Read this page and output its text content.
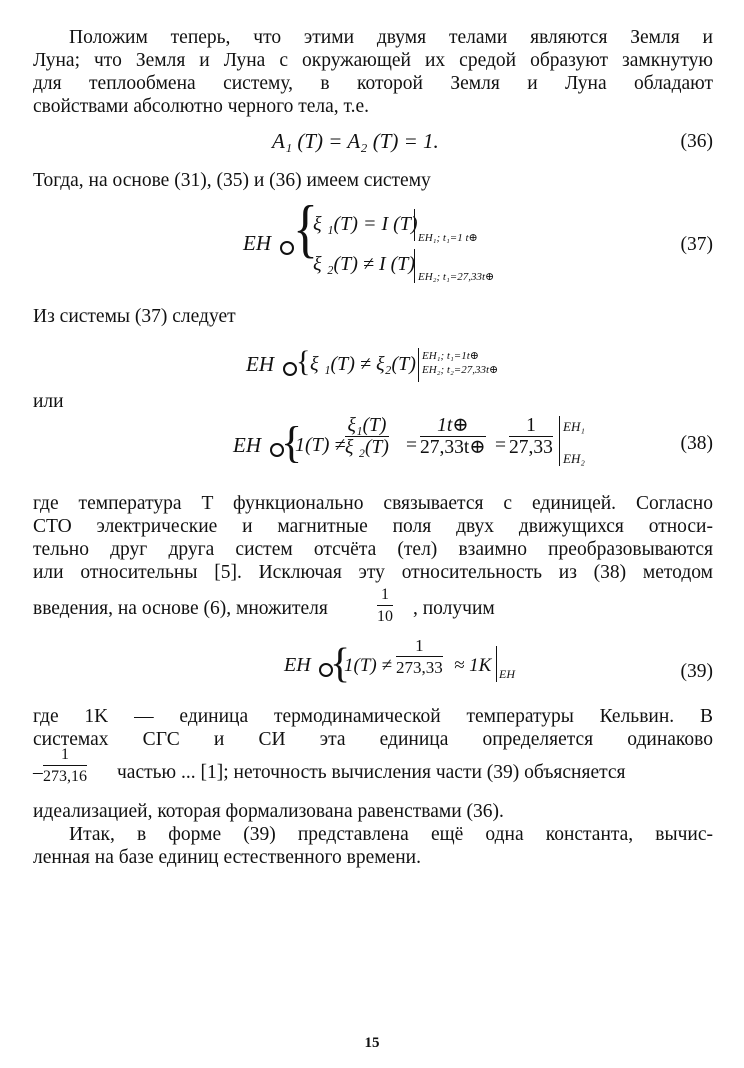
Положим теперь, что этими двумя телами являются Земля и
Луна; что Земля и Луна с окружающей их средой образуют замкнутую
для теплообмена систему, в которой Земля и Луна обладают
свойствами абсолютно черного тела, т.е.
A₁ (T) = A₂ (T) = 1.	(36)
Тогда, на основе (31), (35) и (36) имеем систему
EH {
ξ ₁(T) = I (T)
EH₁; t₁=1 t⊕
ξ ₂(T) ≠ I (T)
EH₂; t₁=27,33t⊕
(37)
Из системы (37) следует
EH { ξ ₁(T) ≠ ξ₂(T) EH₁; t₁=1t⊕
EH₂; t₂=27,33t⊕
или
EH {
$1(T) \ne \frac{\text{ξ₁(T)}}{\text{ξ ₂(T)}} = \frac{1t\oplus}{27,33t\oplus} = \frac{1}{27,33} EH_1$
EH₂
(38)
где температура T функционально связывается с единицей. Согласно
СТО электрические и магнитные поля двух движущихся относи-
тельно друг друга систем отсчёта (тел) взаимно преобразовываются
или относительны [5]. Исключая эту относительность из (38) методом
введения, на основе (6), множителя	$\frac{1}{10}$ , получим
EH {
$1(T) \ne \frac{1}{273,33} \approx 1K$ EH	(39)
где 1K — единица термодинамической температуры Кельвин. В
системах СГС и СИ эта единица определяется одинаково
– $\frac{1}{273,16}$ частью ... [1]; неточность вычисления части (39) объясняется
идеализацией, которая формализована равенствами (36).
Итак, в форме (39) представлена ещё одна константа, вычис-
ленная на базе единиц естественного времени.
15
